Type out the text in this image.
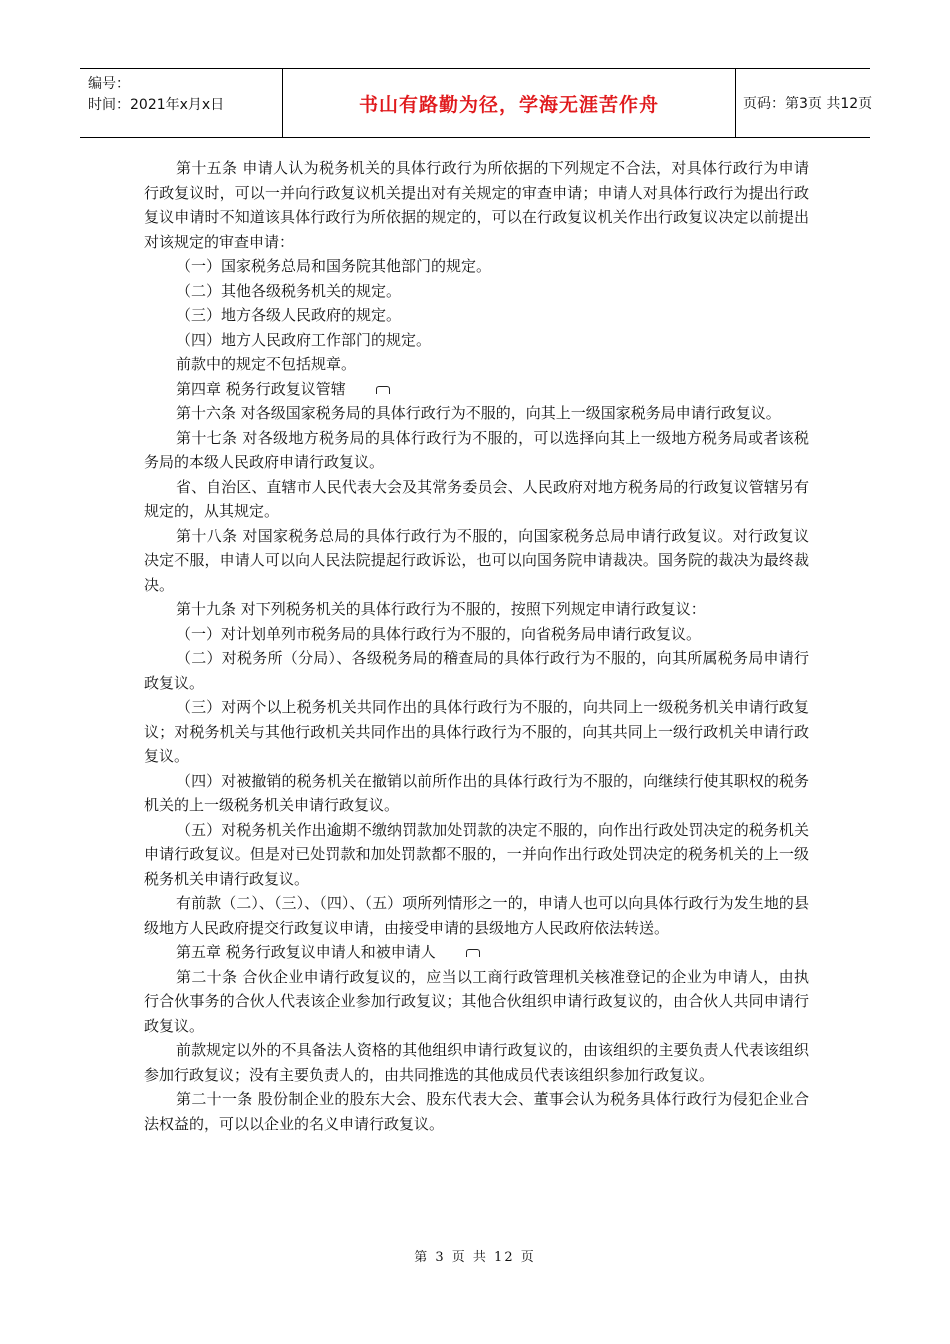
编号：
时间：2021年x月x日	书山有路勤为径，学海无涯苦作舟	页码：第3页 共12页

第十五条 申请人认为税务机关的具体行政行为所依据的下列规定不合法，对具体行政行为申请行政复议时，可以一并向行政复议机关提出对有关规定的审查申请；申请人对具体行政行为提出行政复议申请时不知道该具体行政行为所依据的规定的，可以在行政复议机关作出行政复议决定以前提出对该规定的审查申请：

（一）国家税务总局和国务院其他部门的规定。

（二）其他各级税务机关的规定。

（三）地方各级人民政府的规定。

（四）地方人民政府工作部门的规定。

前款中的规定不包括规章。

第四章 税务行政复议管辖

第十六条 对各级国家税务局的具体行政行为不服的，向其上一级国家税务局申请行政复议。

第十七条 对各级地方税务局的具体行政行为不服的，可以选择向其上一级地方税务局或者该税务局的本级人民政府申请行政复议。

省、自治区、直辖市人民代表大会及其常务委员会、人民政府对地方税务局的行政复议管辖另有规定的，从其规定。

第十八条 对国家税务总局的具体行政行为不服的，向国家税务总局申请行政复议。对行政复议决定不服，申请人可以向人民法院提起行政诉讼，也可以向国务院申请裁决。国务院的裁决为最终裁决。

第十九条 对下列税务机关的具体行政行为不服的，按照下列规定申请行政复议：

（一）对计划单列市税务局的具体行政行为不服的，向省税务局申请行政复议。

（二）对税务所（分局）、各级税务局的稽查局的具体行政行为不服的，向其所属税务局申请行政复议。

（三）对两个以上税务机关共同作出的具体行政行为不服的，向共同上一级税务机关申请行政复议；对税务机关与其他行政机关共同作出的具体行政行为不服的，向其共同上一级行政机关申请行政复议。

（四）对被撤销的税务机关在撤销以前所作出的具体行政行为不服的，向继续行使其职权的税务机关的上一级税务机关申请行政复议。

（五）对税务机关作出逾期不缴纳罚款加处罚款的决定不服的，向作出行政处罚决定的税务机关申请行政复议。但是对已处罚款和加处罚款都不服的，一并向作出行政处罚决定的税务机关的上一级税务机关申请行政复议。

有前款（二）、（三）、（四）、（五）项所列情形之一的，申请人也可以向具体行政行为发生地的县级地方人民政府提交行政复议申请，由接受申请的县级地方人民政府依法转送。

第五章 税务行政复议申请人和被申请人

第二十条 合伙企业申请行政复议的，应当以工商行政管理机关核准登记的企业为申请人，由执行合伙事务的合伙人代表该企业参加行政复议；其他合伙组织申请行政复议的，由合伙人共同申请行政复议。

前款规定以外的不具备法人资格的其他组织申请行政复议的，由该组织的主要负责人代表该组织参加行政复议；没有主要负责人的，由共同推选的其他成员代表该组织参加行政复议。

第二十一条 股份制企业的股东大会、股东代表大会、董事会认为税务具体行政行为侵犯企业合法权益的，可以以企业的名义申请行政复议。

第 3 页 共 12 页
